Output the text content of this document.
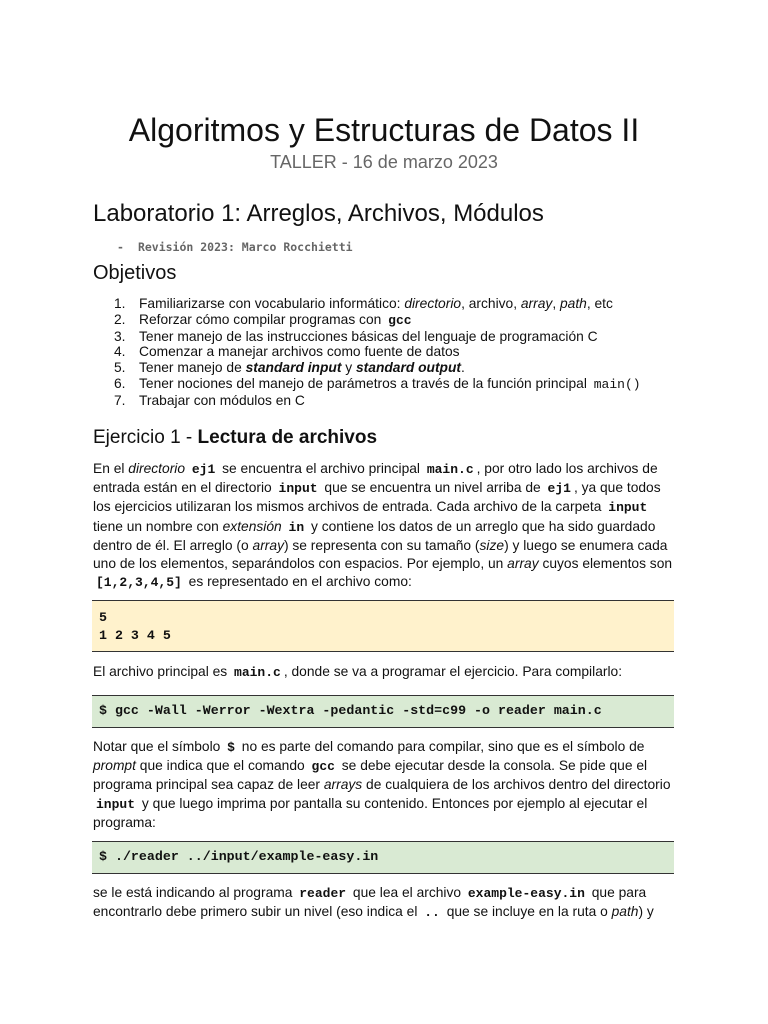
Algoritmos y Estructuras de Datos II
TALLER - 16 de marzo 2023
Laboratorio 1: Arreglos, Archivos, Módulos
- Revisión 2023: Marco Rocchietti
Objetivos
1. Familiarizarse con vocabulario informático: directorio, archivo, array, path, etc
2. Reforzar cómo compilar programas con gcc
3. Tener manejo de las instrucciones básicas del lenguaje de programación C
4. Comenzar a manejar archivos como fuente de datos
5. Tener manejo de standard input y standard output.
6. Tener nociones del manejo de parámetros a través de la función principal main()
7. Trabajar con módulos en C
Ejercicio 1 - Lectura de archivos

En el directorio ej1 se encuentra el archivo principal main.c , por otro lado los archivos de entrada están en el directorio input que se encuentra un nivel arriba de ej1 , ya que todos los ejercicios utilizaran los mismos archivos de entrada. Cada archivo de la carpeta input tiene un nombre con extensión in y contiene los datos de un arreglo que ha sido guardado dentro de él. El arreglo (o array) se representa con su tamaño (size) y luego se enumera cada uno de los elementos, separándolos con espacios. Por ejemplo, un array cuyos elementos son [1,2,3,4,5] es representado en el archivo como:

5
1 2 3 4 5

El archivo principal es main.c , donde se va a programar el ejercicio. Para compilarlo:

$ gcc -Wall -Werror -Wextra -pedantic -std=c99 -o reader main.c

Notar que el símbolo $ no es parte del comando para compilar, sino que es el símbolo de prompt que indica que el comando gcc se debe ejecutar desde la consola. Se pide que el programa principal sea capaz de leer arrays de cualquiera de los archivos dentro del directorio input y que luego imprima por pantalla su contenido. Entonces por ejemplo al ejecutar el programa:

$ ./reader ../input/example-easy.in

se le está indicando al programa reader que lea el archivo example-easy.in que para encontrarlo debe primero subir un nivel (eso indica el .. que se incluye en la ruta o path) y
